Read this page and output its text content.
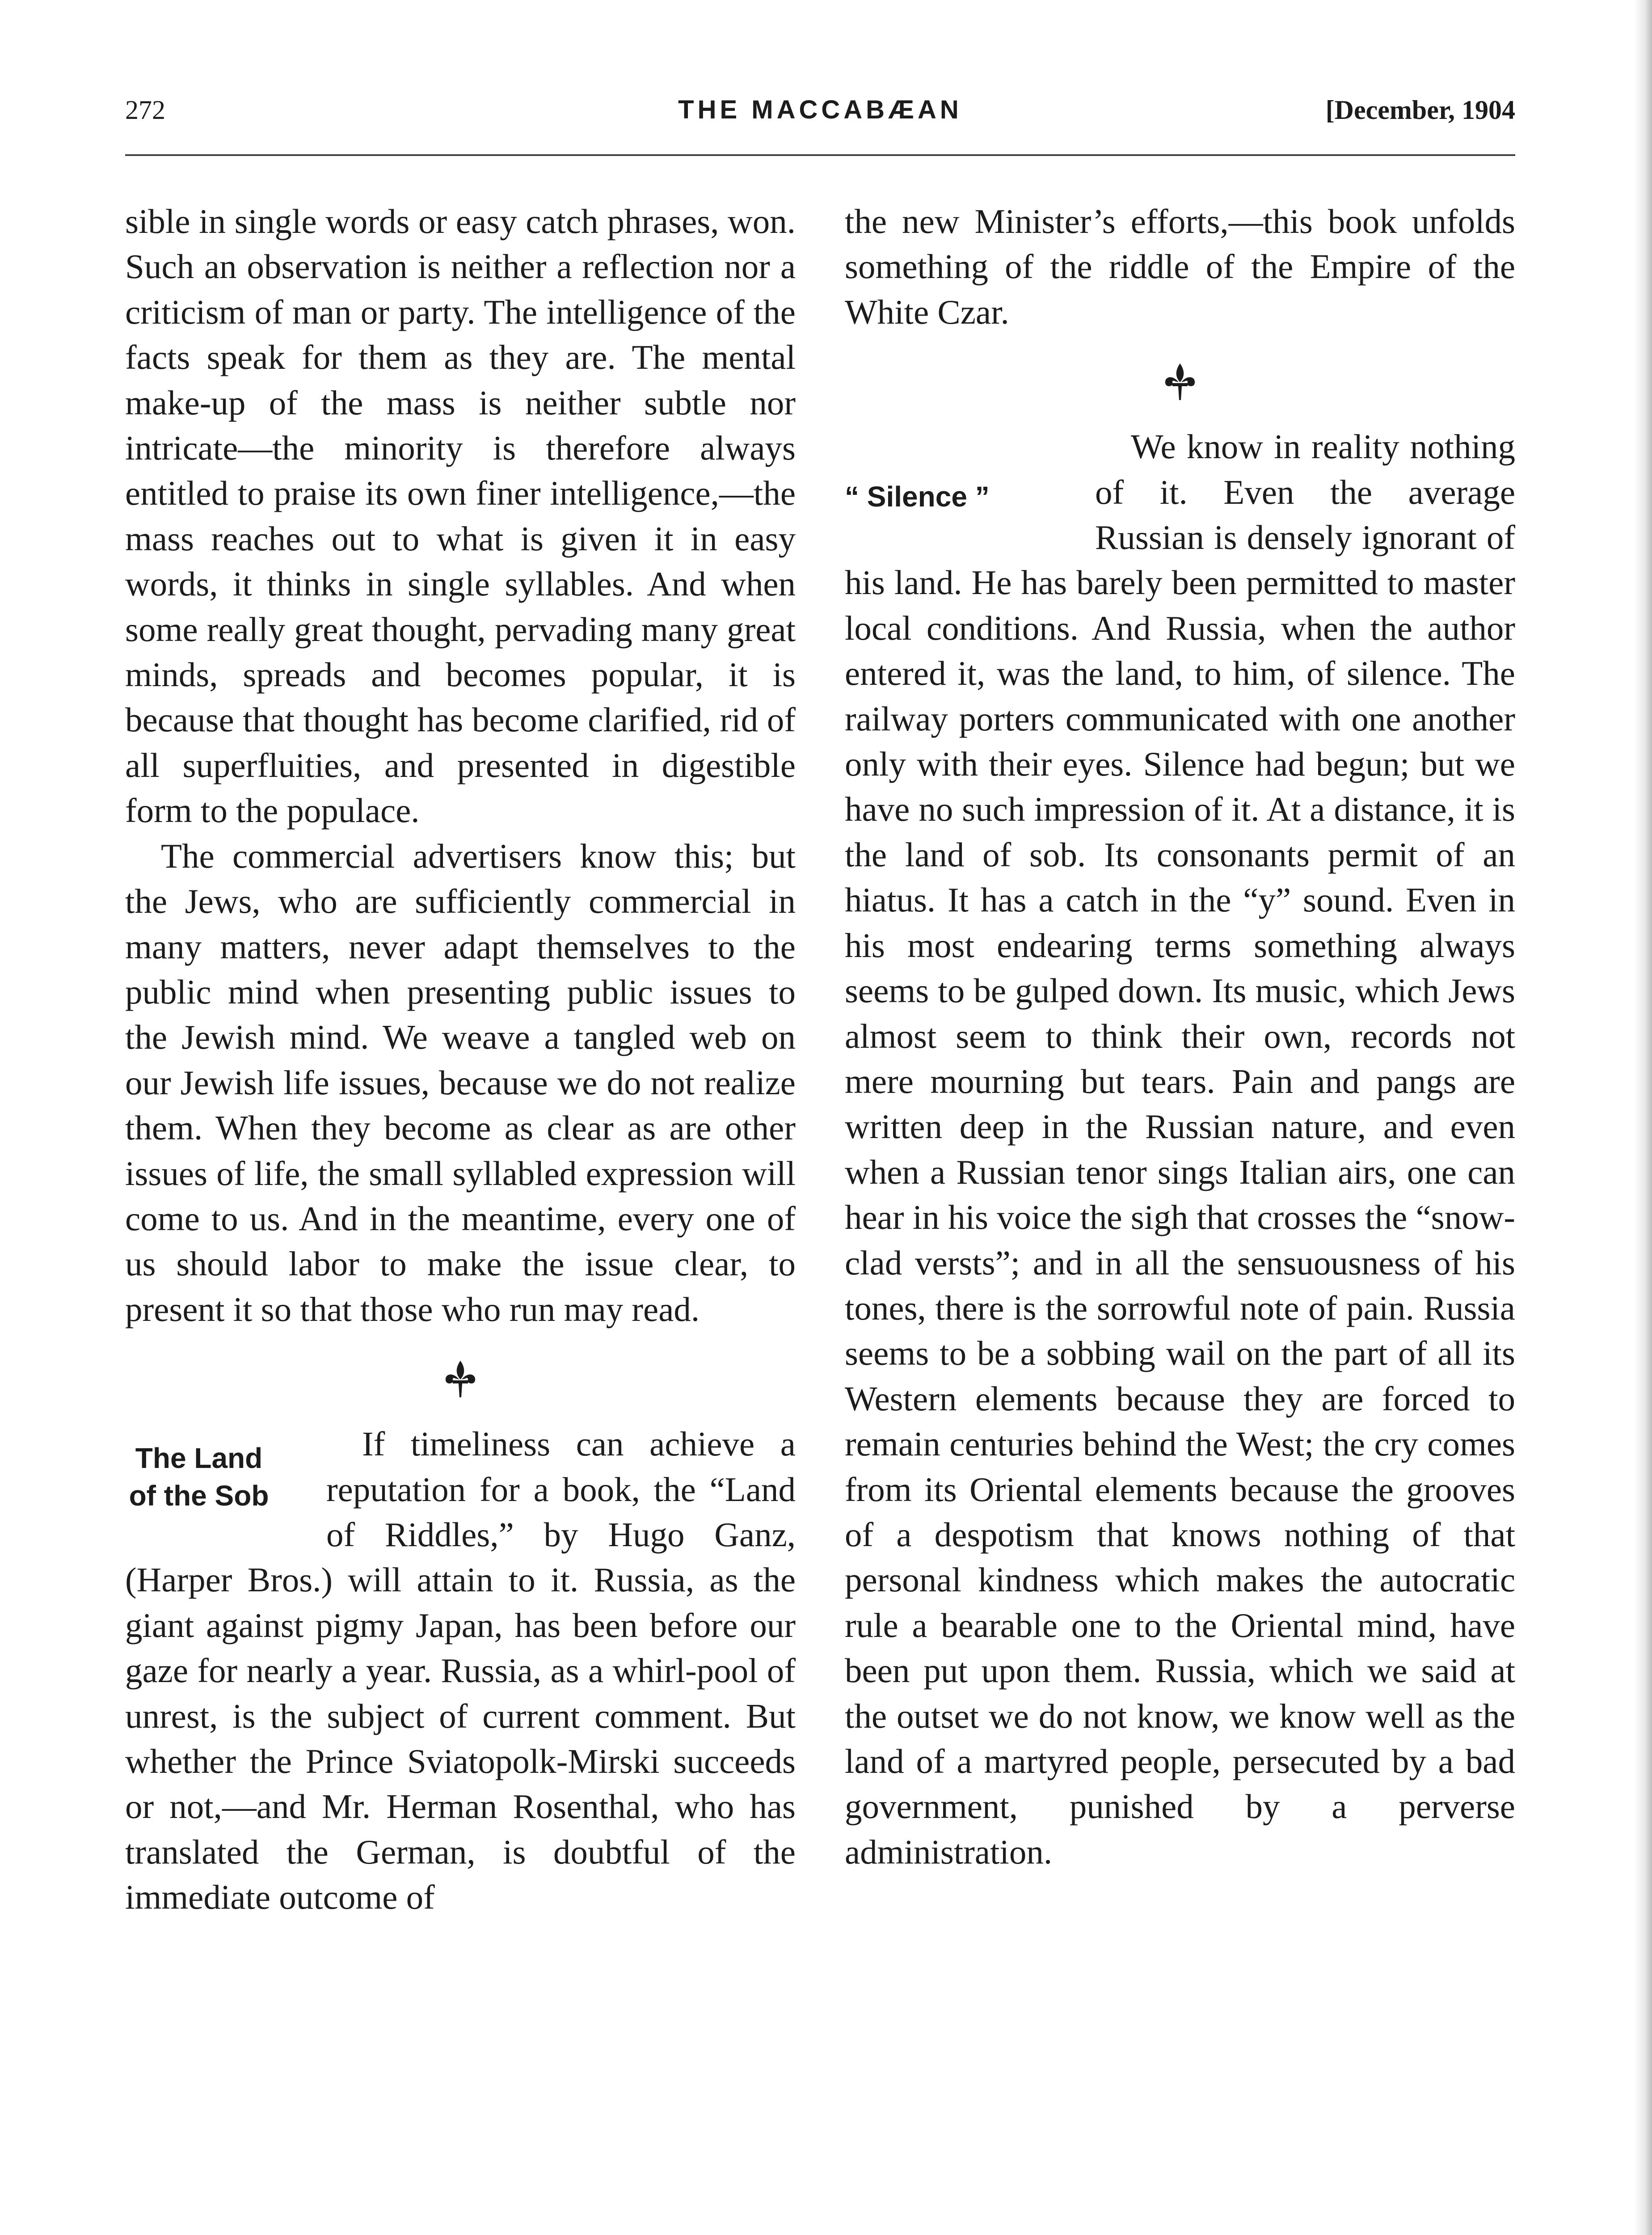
272	THE MACCABÆAN	[December, 1904

sible in single words or easy catch phrases, won. Such an observation is neither a reflection nor a criticism of man or party. The intelligence of the facts speak for them as they are. The mental make-up of the mass is neither subtle nor intricate—the minority is therefore always entitled to praise its own finer intelligence,—the mass reaches out to what is given it in easy words, it thinks in single syllables. And when some really great thought, pervading many great minds, spreads and becomes popular, it is because that thought has become clarified, rid of all superfluities, and presented in digestible form to the populace.

The commercial advertisers know this; but the Jews, who are sufficiently commercial in many matters, never adapt themselves to the public mind when presenting public issues to the Jewish mind. We weave a tangled web on our Jewish life issues, because we do not realize them. When they become as clear as are other issues of life, the small syllabled expression will come to us. And in the meantime, every one of us should labor to make the issue clear, to present it so that those who run may read.

The Land of the Sob

If timeliness can achieve a reputation for a book, the “Land of Riddles,” by Hugo Ganz, (Harper Bros.) will attain to it. Russia, as the giant against pigmy Japan, has been before our gaze for nearly a year. Russia, as a whirl-pool of unrest, is the subject of current comment. But whether the Prince Sviatopolk-Mirski succeeds or not,—and Mr. Herman Rosenthal, who has translated the German, is doubtful of the immediate outcome of

the new Minister’s efforts,—this book unfolds something of the riddle of the Empire of the White Czar.

“ Silence ”

We know in reality nothing of it. Even the average Russian is densely ignorant of his land. He has barely been permitted to master local conditions. And Russia, when the author entered it, was the land, to him, of silence. The railway porters communicated with one another only with their eyes. Silence had begun; but we have no such impression of it. At a distance, it is the land of sob. Its consonants permit of an hiatus. It has a catch in the “y” sound. Even in his most endearing terms something always seems to be gulped down. Its music, which Jews almost seem to think their own, records not mere mourning but tears. Pain and pangs are written deep in the Russian nature, and even when a Russian tenor sings Italian airs, one can hear in his voice the sigh that crosses the “snow-clad versts”; and in all the sensuousness of his tones, there is the sorrowful note of pain. Russia seems to be a sobbing wail on the part of all its Western elements because they are forced to remain centuries behind the West; the cry comes from its Oriental elements because the grooves of a despotism that knows nothing of that personal kindness which makes the autocratic rule a bearable one to the Oriental mind, have been put upon them. Russia, which we said at the outset we do not know, we know well as the land of a martyred people, persecuted by a bad government, punished by a perverse administration.
